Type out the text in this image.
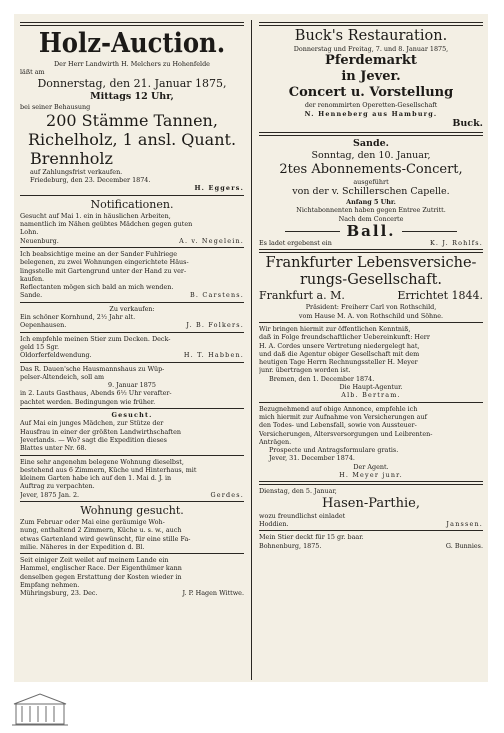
Holz-Auction.
Der Herr Landwirth H. Melchers zu Hohenfelde
läßt am
Donnerstag, den 21. Januar 1875,
Mittags 12 Uhr,
bei seiner Behausung
200 Stämme Tannen,
Richelholz, 1 ansl. Quant.
Brennholz
auf Zahlungsfrist verkaufen.
Friedeburg, den 23. December 1874.
H. Eggers.
Notificationen.
Gesucht auf Mai 1. ein in häuslichen Arbeiten,
namentlich im Nähen geübtes Mädchen gegen guten
Lohn.
Neuenburg.	A. v. Negelein.
Ich beabsichtige meine an der Sander Fuhlriege
belegenen, zu zwei Wohnungen eingerichtete Häus-
lingsstelle mit Gartengrund unter der Hand zu ver-
kaufen.
Reflectanten mögen sich bald an mich wenden.
Sande.	B. Carstens.
Zu verkaufen:
Ein schöner Kornhund, 2½ Jahr alt.
Oepenhausen.	J. B. Folkers.
Ich empfehle meinen Stier zum Decken. Deck-
geld 15 Sgr.
Oldorferfeldwendung.	H. T. Habben.
Das R. Dauen'sche Hausmannshaus zu Wüp-
pelser-Altendeich, soll am
9. Januar 1875
in 2. Lauts Gasthaus, Abends 6½ Uhr verafter-
pachtet werden. Bedingungen wie früher.
Gesucht.
Auf Mai ein junges Mädchen, zur Stütze der
Hausfrau in einer der größten Landwirthschaften
Jeverlands. — Wo? sagt die Expedition dieses
Blattes unter Nr. 68.
Eine sehr angenehm belegene Wohnung dieselbst,
bestehend aus 6 Zimmern, Küche und Hinterhaus, mit
kleinem Garten habe ich auf den 1. Mai d. J. in
Auftrag zu verpachten.
Jever, 1875 Jan. 2.	Gerdes.
Wohnung gesucht.
Zum Februar oder Mai eine geräumige Woh-
nung, enthaltend 2 Zimmern, Küche u. s. w., auch
etwas Gartenland wird gewünscht, für eine stille Fa-
milie. Näheres in der Expedition d. Bl.
Seit einiger Zeit weilet auf meinem Lande ein
Hammel, englischer Race. Der Eigenthümer kann
denselben gegen Erstattung der Kosten wieder in
Empfang nehmen.
Mühringsburg, 23. Dec.	J. P. Hagen Wittwe.
Buck's Restauration.
Donnerstag und Freitag, 7. und 8. Januar 1875,
Pferdemarkt
in Jever.
Concert u. Vorstellung
der renommirten Operetten-Gesellschaft
N. Henneberg aus Hamburg.
Buck.
Sande.
Sonntag, den 10. Januar,
2tes Abonnements-Concert,
ausgeführt
von der v. Schillerschen Capelle.
Anfang 5 Uhr.
Nichtabonnenten haben gegen Entree Zutritt.
Nach dem Concerte
Ball.
Es ladet ergebenst ein	K. J. Rohlfs.
Frankfurter Lebensversiche-
rungs-Gesellschaft.
Frankfurt a. M.	Errichtet 1844.
Präsident: Freiherr Carl von Rothschild,
vom Hause M. A. von Rothschild und Söhne.
Wir bringen hiermit zur öffentlichen Kenntniß,
daß in Folge freundschaftlicher Uebereinkunft: Herr
H. A. Cordes unsere Vertretung niedergelegt hat,
und daß die Agentur obiger Gesellschaft mit dem
heutigen Tage Herrn Rechnungssteller H. Meyer
junr. übertragen worden ist.
Bremen, den 1. December 1874.
Die Haupt-Agentur.
Alb. Bertram.
Bezugnehmend auf obige Annonce, empfehle ich
mich hiermit zur Aufnahme von Versicherungen auf
den Todes- und Lebensfall, sowie von Aussteuer-
Versicherungen, Altersversorgungen und Leibrenten-
Anträgen.
Prospecte und Antragsformulare gratis.
Jever, 31. December 1874.
Der Agent.
H. Meyer junr.
Dienstag, den 5. Januar,
Hasen-Parthie,
wozu freundlichst einladet
Hoddien.	Janssen.
Mein Stier deckt für 15 gr. baar.
Bohnenburg, 1875.	G. Bunnies.
